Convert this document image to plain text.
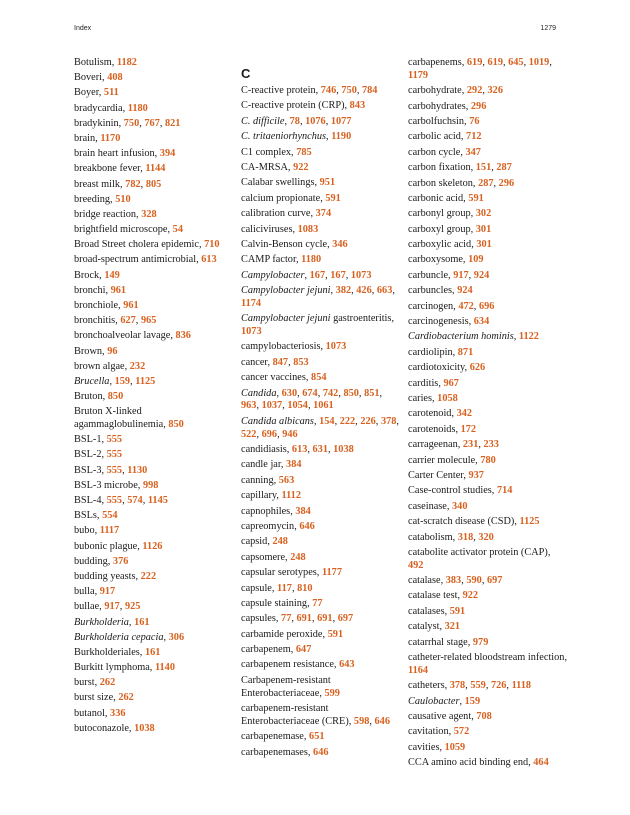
Index	1279
Botulism, 1182
Boveri, 408
Boyer, 511
bradycardia, 1180
bradykinin, 750, 767, 821
brain, 1170
brain heart infusion, 394
breakbone fever, 1144
breast milk, 782, 805
breeding, 510
bridge reaction, 328
brightfield microscope, 54
Broad Street cholera epidemic, 710
broad-spectrum antimicrobial, 613
Brock, 149
bronchi, 961
bronchiole, 961
bronchitis, 627, 965
bronchoalveolar lavage, 836
Brown, 96
brown algae, 232
Brucella, 159, 1125
Bruton, 850
Bruton X-linked agammaglobulinemia, 850
BSL-1, 555
BSL-2, 555
BSL-3, 555, 1130
BSL-3 microbe, 998
BSL-4, 555, 574, 1145
BSLs, 554
bubo, 1117
bubonic plague, 1126
budding, 376
budding yeasts, 222
bulla, 917
bullae, 917, 925
Burkholderia, 161
Burkholderia cepacia, 306
Burkholderiales, 161
Burkitt lymphoma, 1140
burst, 262
burst size, 262
butanol, 336
butoconazole, 1038
C
C-reactive protein, 746, 750, 784
C-reactive protein (CRP), 843
C. difficile, 78, 1076, 1077
C. tritaeniorhynchus, 1190
C1 complex, 785
CA-MRSA, 922
Calabar swellings, 951
calcium propionate, 591
calibration curve, 374
caliciviruses, 1083
Calvin-Benson cycle, 346
CAMP factor, 1180
Campylobacter, 167, 167, 1073
Campylobacter jejuni, 382, 426, 663, 1174
Campylobacter jejuni gastroenteritis, 1073
campylobacteriosis, 1073
cancer, 847, 853
cancer vaccines, 854
Candida, 630, 674, 742, 850, 851, 963, 1037, 1054, 1061
Candida albicans, 154, 222, 226, 378, 522, 696, 946
candidiasis, 613, 631, 1038
candle jar, 384
canning, 563
capillary, 1112
capnophiles, 384
capreomycin, 646
capsid, 248
capsomere, 248
capsular serotypes, 1177
capsule, 117, 810
capsule staining, 77
capsules, 77, 691, 691, 697
carbamide peroxide, 591
carbapenem, 647
carbapenem resistance, 643
Carbapenem-resistant Enterobacteriaceae, 599
carbapenem-resistant Enterobacteriaceae (CRE), 598, 646
carbapenemase, 651
carbapenemases, 646
carbapenems, 619, 619, 645, 1019, 1179
carbohydrate, 292, 326
carbohydrates, 296
carbolfuchsin, 76
carbolic acid, 712
carbon cycle, 347
carbon fixation, 151, 287
carbon skeleton, 287, 296
carbonic acid, 591
carbonyl group, 302
carboxyl group, 301
carboxylic acid, 301
carboxysome, 109
carbuncle, 917, 924
carbuncles, 924
carcinogen, 472, 696
carcinogenesis, 634
Cardiobacterium hominis, 1122
cardiolipin, 871
cardiotoxicity, 626
carditis, 967
caries, 1058
carotenoid, 342
carotenoids, 172
carrageenan, 231, 233
carrier molecule, 780
Carter Center, 937
Case-control studies, 714
caseinase, 340
cat-scratch disease (CSD), 1125
catabolism, 318, 320
catabolite activator protein (CAP), 492
catalase, 383, 590, 697
catalase test, 922
catalases, 591
catalyst, 321
catarrhal stage, 979
catheter-related bloodstream infection, 1164
catheters, 378, 559, 726, 1118
Caulobacter, 159
causative agent, 708
cavitation, 572
cavities, 1059
CCA amino acid binding end, 464
